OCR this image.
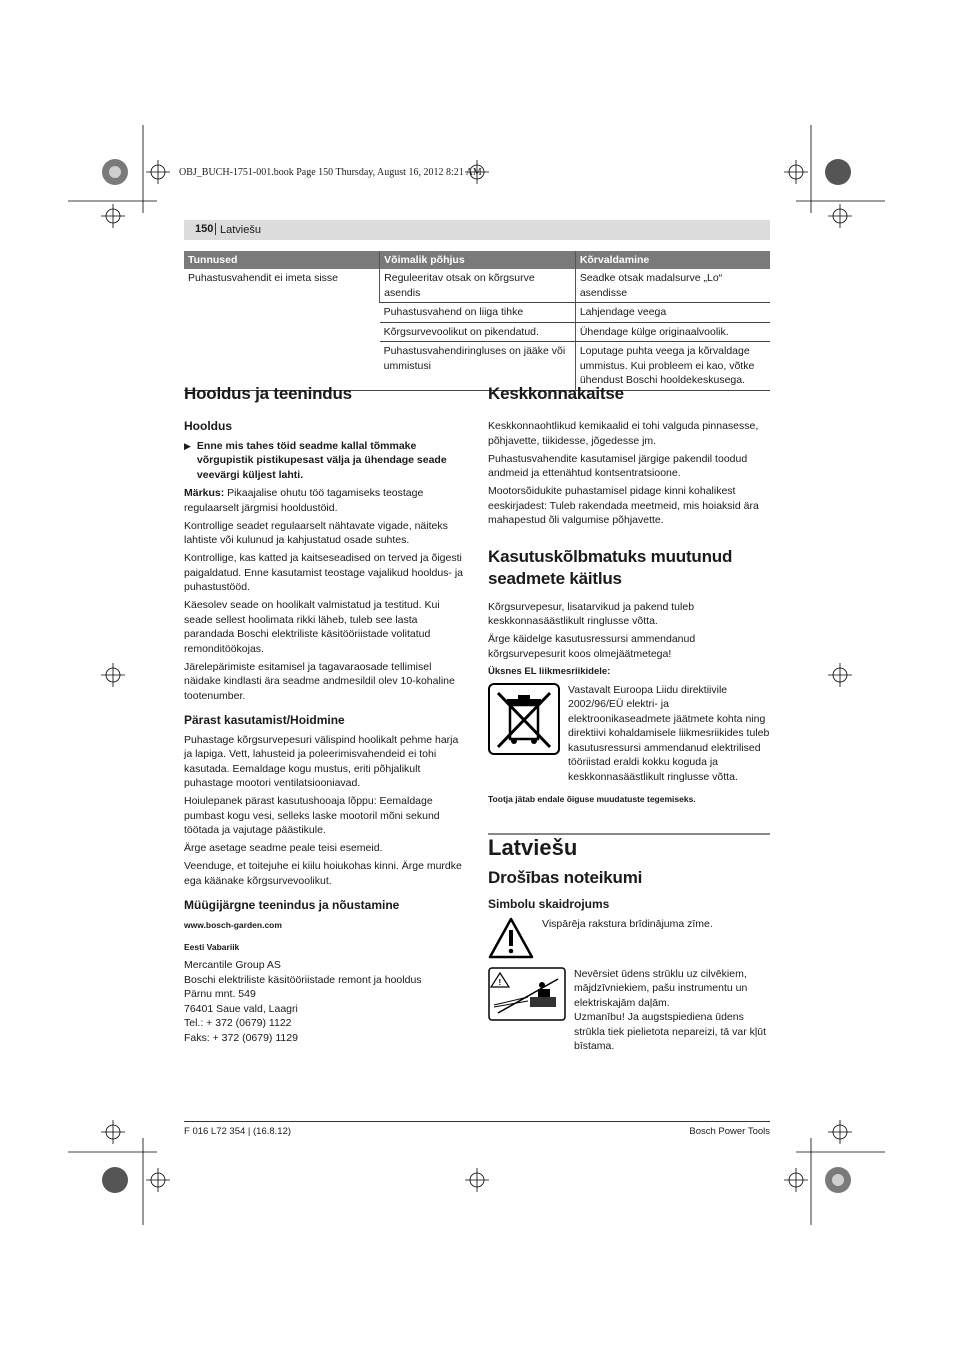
OBJ_BUCH-1751-001.book Page 150 Thursday, August 16, 2012 8:21 AM
150 Latviešu
Tunnused	Võimalik põhjus	Kõrvaldamine
Puhastusvahendit ei imeta sisse	Reguleeritav otsak on kõrgsurve asendis	Seadke otsak madalsurve „Lo“ asendisse
	Puhastusvahend on liiga tihke	Lahjendage veega
	Kõrgsurvevoolikut on pikendatud.	Ühendage külge originaalvoolik.
	Puhastusvahendiringluses on jääke või ummistusi	Loputage puhta veega ja kõrvaldage ummistus. Kui probleem ei kao, võtke ühendust Boschi hooldekeskusega.
Hooldus ja teenindus
Hooldus
▶ Enne mis tahes töid seadme kallal tõmmake võrgupistik pistikupesast välja ja ühendage seade veevärgi küljest lahti.

Märkus: Pikaajalise ohutu töö tagamiseks teostage regulaarselt järgmisi hooldustöid.

Kontrollige seadet regulaarselt nähtavate vigade, näiteks lahtiste või kulunud ja kahjustatud osade suhtes.

Kontrollige, kas katted ja kaitseseadised on terved ja õigesti paigaldatud. Enne kasutamist teostage vajalikud hooldus- ja puhastustööd.

Käesolev seade on hoolikalt valmistatud ja testitud. Kui seade sellest hoolimata rikki läheb, tuleb see lasta parandada Boschi elektriliste käsitööriistade volitatud remonditöökojas.

Järelepärimiste esitamisel ja tagavaraosade tellimisel näidake kindlasti ära seadme andmesildil olev 10-kohaline tootenumber.

Pärast kasutamist/Hoidmine

Puhastage kõrgsurvepesuri välispind hoolikalt pehme harja ja lapiga. Vett, lahusteid ja poleerimisvahendeid ei tohi kasutada. Eemaldage kogu mustus, eriti põhjalikult puhastage mootori ventilatsiooniavad.

Hoiulepanek pärast kasutushooaja lõppu: Eemaldage pumbast kogu vesi, selleks laske mootoril mõni sekund töötada ja vajutage päästikule.

Ärge asetage seadme peale teisi esemeid.

Veenduge, et toitejuhe ei kiilu hoiukohas kinni. Ärge murdke ega käänake kõrgsurvevoolikut.

Müügijärgne teenindus ja nõustamine

www.bosch-garden.com

Eesti Vabariik

Mercantile Group AS
Boschi elektriliste käsitööriistade remont ja hooldus
Pärnu mnt. 549
76401 Saue vald, Laagri
Tel.: + 372 (0679) 1122
Faks: + 372 (0679) 1129
Keskkonnakaitse

Keskkonnaohtlikud kemikaalid ei tohi valguda pinnasesse, põhjavette, tiikidesse, jõgedesse jm.

Puhastusvahendite kasutamisel järgige pakendil toodud andmeid ja ettenähtud kontsentratsioone.

Mootorsõidukite puhastamisel pidage kinni kohalikest eeskirjadest: Tuleb rakendada meetmeid, mis hoiaksid ära mahapestud õli valgumise põhjavette.

Kasutuskõlbmatuks muutunud seadmete käitlus

Kõrgsurvepesur, lisatarvikud ja pakend tuleb keskkonnasäästlikult ringlusse võtta.

Ärge käidelge kasutusressursi ammendanud kõrgsurvepesurit koos olmejäätmetega!

Üksnes EL liikmesriikidele:

Vastavalt Euroopa Liidu direktiivile 2002/96/EÜ elektri- ja elektroonikaseadmete jäätmete kohta ning direktiivi kohaldamisele liikmesriikides tuleb kasutusressursi ammendanud elektrilised tööriistad eraldi kokku koguda ja keskkonnasäästlikult ringlusse võtta.

Tootja jätab endale õiguse muudatuste tegemiseks.

Latviešu
Drošības noteikumi
Simbolu skaidrojums
Vispārēja rakstura brīdinājuma zīme.
!
Nevērsiet ūdens strūklu uz cilvēkiem, mājdzīvniekiem, pašu instrumentu un elektriskajām daļām.
Uzmanību! Ja augstspiediena ūdens strūkla tiek pielietota nepareizi, tā var kļūt bīstama.
F 016 L72 354 | (16.8.12)	Bosch Power Tools
